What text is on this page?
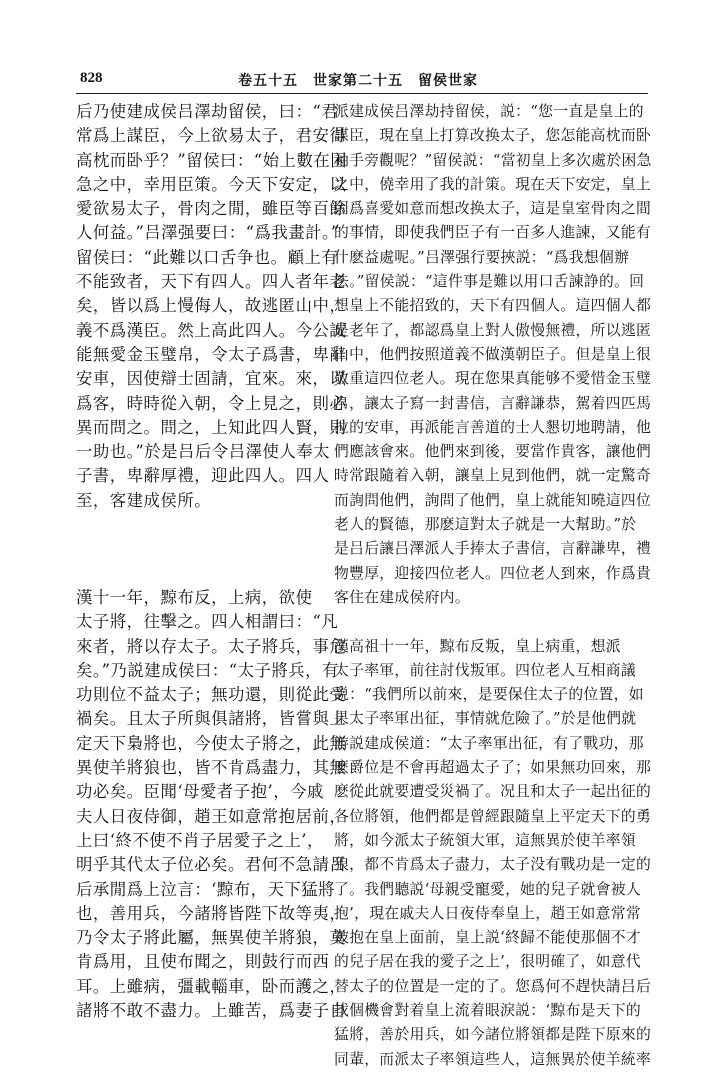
828	卷五十五　世家第二十五　留侯世家

后乃使建成侯吕澤劫留侯，曰：“君
常爲上謀臣，今上欲易太子，君安得
高枕而卧乎？”留侯曰：“始上數在困
急之中，幸用臣策。今天下安定，以
愛欲易太子，骨肉之閒，雖臣等百餘
人何益。”吕澤强要曰：“爲我畫計。”
留侯曰：“此難以口舌争也。顧上有
不能致者，天下有四人。四人者年老
矣，皆以爲上慢侮人，故逃匿山中，
義不爲漢臣。然上高此四人。今公誠
能無愛金玉璧帛，令太子爲書，卑辭
安車，因使辯士固請，宜來。來，以
爲客，時時從入朝，令上見之，則必
異而問之。問之，上知此四人賢，則
一助也。”於是吕后令吕澤使人奉太
子書，卑辭厚禮，迎此四人。四人
至，客建成侯所。

漢十一年，黥布反，上病，欲使
太子將，往擊之。四人相謂曰：“凡
來者，將以存太子。太子將兵，事危
矣。”乃説建成侯曰：“太子將兵，有
功則位不益太子；無功還，則從此受
禍矣。且太子所與俱諸將，皆嘗與上
定天下梟將也，今使太子將之，此無
異使羊將狼也，皆不肯爲盡力，其無
功必矣。臣聞‘母愛者子抱’，今戚
夫人日夜侍御，趙王如意常抱居前，
上曰‘終不使不肖子居愛子之上’，
明乎其代太子位必矣。君何不急請吕
后承閒爲上泣言：‘黥布，天下猛將
也，善用兵，今諸將皆陛下故等夷，
乃令太子將此屬，無異使羊將狼，莫
肯爲用，且使布聞之，則鼓行而西
耳。上雖病，彊載輜車，卧而護之，
諸將不敢不盡力。上雖苦，爲妻子自

派建成侯吕澤劫持留侯，説：“您一直是皇上的
謀臣，現在皇上打算改换太子，您怎能高枕而卧
袖手旁觀呢？”留侯説：“當初皇上多次處於困急
之中，僥幸用了我的計策。現在天下安定，皇上
因爲喜愛如意而想改换太子，這是皇室骨肉之間
的事情，即使我們臣子有一百多人進諫，又能有
什麽益處呢。”吕澤强行要挾説：“爲我想個辦
法。”留侯説：“這件事是難以用口舌諫諍的。回
想皇上不能招致的，天下有四個人。這四個人都
是老年了，都認爲皇上對人傲慢無禮，所以逃匿
山中，他們按照道義不做漢朝臣子。但是皇上很
敬重這四位老人。現在您果真能够不愛惜金玉璧
帛，讓太子寫一封書信，言辭謙恭，駕着四匹馬
拉的安車，再派能言善道的士人懇切地聘請，他
們應該會來。他們來到後，要當作貴客，讓他們
時常跟隨着入朝，讓皇上見到他們，就一定驚奇
而詢問他們，詢問了他們，皇上就能知曉這四位
老人的賢德，那麽這對太子就是一大幫助。”於
是吕后讓吕澤派人手捧太子書信，言辭謙卑，禮
物豐厚，迎接四位老人。四位老人到來，作爲貴
客住在建成侯府内。

漢高祖十一年，黥布反叛，皇上病重，想派
太子率軍，前往討伐叛軍。四位老人互相商議
説：“我們所以前來，是要保住太子的位置，如
果太子率軍出征，事情就危險了。”於是他們就
游説建成侯道：“太子率軍出征，有了戰功，那
麽爵位是不會再超過太子了；如果無功回來，那
麽從此就要遭受災禍了。况且和太子一起出征的
各位將領，他們都是曾經跟隨皇上平定天下的勇
將，如今派太子統領大軍，這無異於使羊率領
狼，都不肯爲太子盡力，太子没有戰功是一定的
了。我們聽説‘母親受寵愛，她的兒子就會被人
抱’，現在戚夫人日夜侍奉皇上，趙王如意常常
被抱在皇上面前，皇上説‘終歸不能使那個不才
的兒子居在我的愛子之上’，很明確了，如意代
替太子的位置是一定的了。您爲何不趕快請吕后
找個機會對着皇上流着眼淚説：‘黥布是天下的
猛將，善於用兵，如今諸位將領都是陛下原來的
同輩，而派太子率領這些人，這無異於使羊統率
